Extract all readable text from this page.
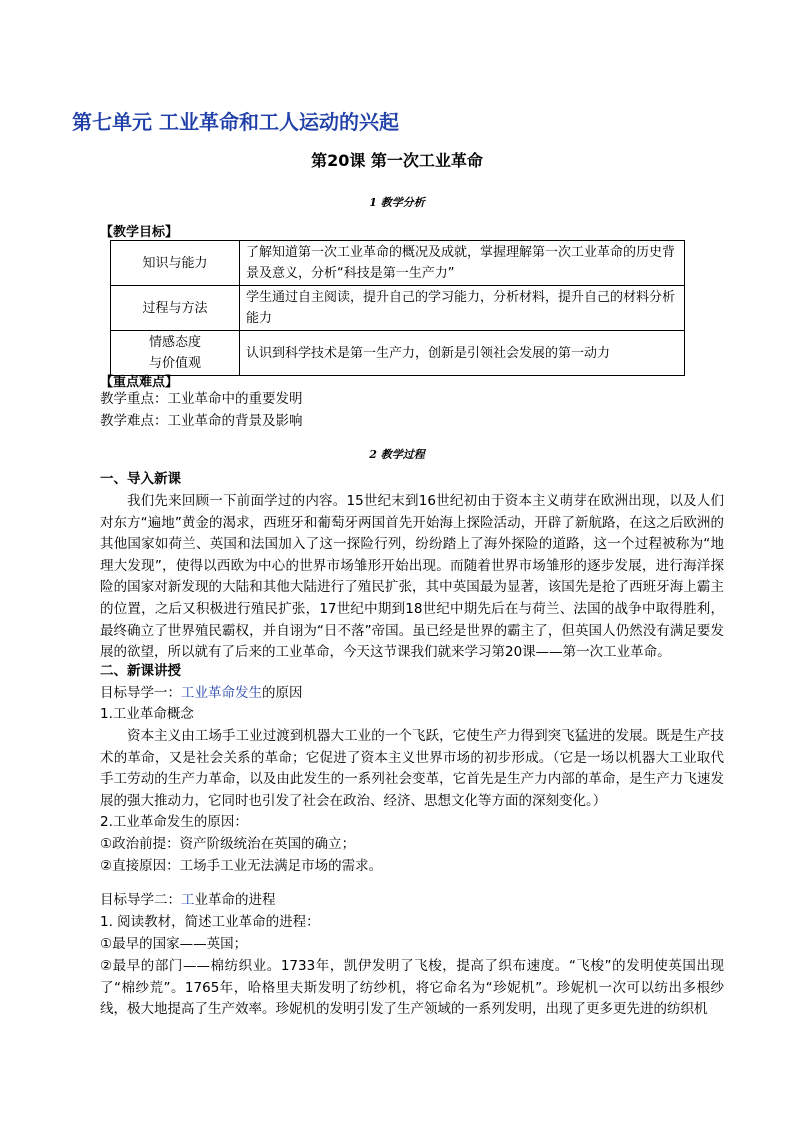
第七单元 工业革命和工人运动的兴起
第20课 第一次工业革命
1 教学分析
【教学目标】
知识与能力	了解知道第一次工业革命的概况及成就，掌握理解第一次工业革命的历史背景及意义，分析“科技是第一生产力”
过程与方法	学生通过自主阅读，提升自己的学习能力，分析材料，提升自己的材料分析能力
情感态度
与价值观	认识到科学技术是第一生产力，创新是引领社会发展的第一动力
【重点难点】
教学重点：工业革命中的重要发明
教学难点：工业革命的背景及影响
2 教学过程
一、导入新课
我们先来回顾一下前面学过的内容。15世纪末到16世纪初由于资本主义萌芽在欧洲出现，以及人们对东方“遍地”黄金的渴求，西班牙和葡萄牙两国首先开始海上探险活动，开辟了新航路，在这之后欧洲的其他国家如荷兰、英国和法国加入了这一探险行列，纷纷踏上了海外探险的道路，这一个过程被称为“地理大发现”，使得以西欧为中心的世界市场雏形开始出现。而随着世界市场雏形的逐步发展，进行海洋探险的国家对新发现的大陆和其他大陆进行了殖民扩张，其中英国最为显著，该国先是抢了西班牙海上霸主的位置，之后又积极进行殖民扩张，17世纪中期到18世纪中期先后在与荷兰、法国的战争中取得胜利，最终确立了世界殖民霸权，并自诩为“日不落”帝国。虽已经是世界的霸主了，但英国人仍然没有满足要发展的欲望，所以就有了后来的工业革命，今天这节课我们就来学习第20课——第一次工业革命。
二、新课讲授
目标导学一：工业革命发生的原因
1.工业革命概念
资本主义由工场手工业过渡到机器大工业的一个飞跃，它使生产力得到突飞猛进的发展。既是生产技术的革命，又是社会关系的革命；它促进了资本主义世界市场的初步形成。（它是一场以机器大工业取代手工劳动的生产力革命，以及由此发生的一系列社会变革，它首先是生产力内部的革命，是生产力飞速发展的强大推动力，它同时也引发了社会在政治、经济、思想文化等方面的深刻变化。）
2.工业革命发生的原因：
①政治前提：资产阶级统治在英国的确立；
②直接原因：工场手工业无法满足市场的需求。
目标导学二：工业革命的进程
1. 阅读教材，简述工业革命的进程：
①最早的国家——英国；
②最早的部门——棉纺织业。1733年，凯伊发明了飞梭，提高了织布速度。“飞梭”的发明使英国出现了“棉纱荒”。1765年，哈格里夫斯发明了纺纱机，将它命名为“珍妮机”。珍妮机一次可以纺出多根纱线，极大地提高了生产效率。珍妮机的发明引发了生产领域的一系列发明，出现了更多更先进的纺织机
